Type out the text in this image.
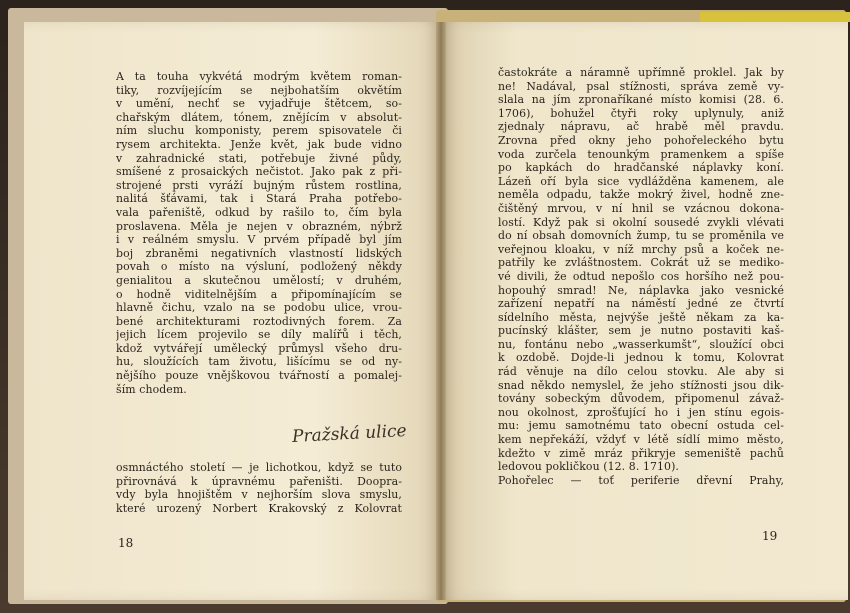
A ta touha vykvétá modrým květem roman-
tiky, rozvíjejícím se nejbohatším okvětím
v umění, nechť se vyjadřuje štětcem, so-
chařským dlátem, tónem, znějícím v absolut-
ním sluchu komponisty, perem spisovatele či
rysem architekta. Jenže květ, jak bude vidno
v zahradnické stati, potřebuje živné půdy,
smíšené z prosaických nečistot. Jako pak z při-
strojené prsti vyráží bujným růstem rostlina,
nalitá šťávami, tak i Stará Praha potřebo-
vala pařeniště, odkud by rašilo to, čím byla
proslavena. Měla je nejen v obrazném, nýbrž
i v reálném smyslu. V prvém případě byl jím
boj zbraněmi negativních vlastností lidských
povah o místo na výsluní, podložený někdy
genialitou a skutečnou umělostí; v druhém,
o hodně viditelnějším a připomínajícím se
hlavně čichu, vzalo na se podobu ulice, vrou-
bené architekturami roztodivných forem. Za
jejich lícem projevilo se díly malířů i těch,
kdož vytvářejí umělecký průmysl všeho dru-
hu, sloužících tam životu, lišícímu se od ny-
nějšího pouze vnějškovou tvářností a pomalej-
ším chodem.
Pražská ulice
osmnáctého století — je lichotkou, když se tuto
přirovnává k úpravnému pařeništi. Doopra-
vdy byla hnojištěm v nejhorším slova smyslu,
které urozený Norbert Krakovský z Kolovrat
18
častokráte a náramně upřímně proklel. Jak by
ne! Nadával, psal stížnosti, správa země vy-
slala na jím zpronaříkané místo komisi (28. 6.
1706), bohužel čtyři roky uplynuly, aniž
zjednaly nápravu, ač hrabě měl pravdu.
Zrovna před okny jeho pohořeleckého bytu
voda zurčela tenounkým pramenkem a spíše
po kapkách do hradčanské náplavky koní.
Lázeň oří byla sice vydlážděna kamenem, ale
neměla odpadu, takže mokrý živel, hodně zne-
čištěný mrvou, v ní hnil se vzácnou dokona-
lostí. Když pak si okolní sousedé zvykli vlévati
do ní obsah domovních žump, tu se proměnila ve
veřejnou kloaku, v níž mrchy psů a koček ne-
patřily ke zvláštnostem. Cokrát už se mediko-
vé divili, že odtud nepošlo cos horšího než pou-
hopouhý smrad! Ne, náplavka jako vesnické
zařízení nepatří na náměstí jedné ze čtvrtí
sídelního města, nejvýše ještě někam za ka-
pucínský klášter, sem je nutno postaviti kaš-
nu, fontánu nebo „wasserkumšt“, sloužící obci
k ozdobě. Dojde-li jednou k tomu, Kolovrat
rád věnuje na dílo celou stovku. Ale aby si
snad někdo nemyslel, že jeho stížnosti jsou dik-
továny sobeckým důvodem, připomenul závaž-
nou okolnost, zprošťující ho i jen stínu egois-
mu: jemu samotnému tato obecní ostuda cel-
kem nepřekáží, vždyť v létě sídlí mimo město,
kdežto v zimě mráz přikryje semeniště pachů
ledovou pokličkou (12. 8. 1710).
Pohořelec — toť periferie dřevní Prahy,
19
